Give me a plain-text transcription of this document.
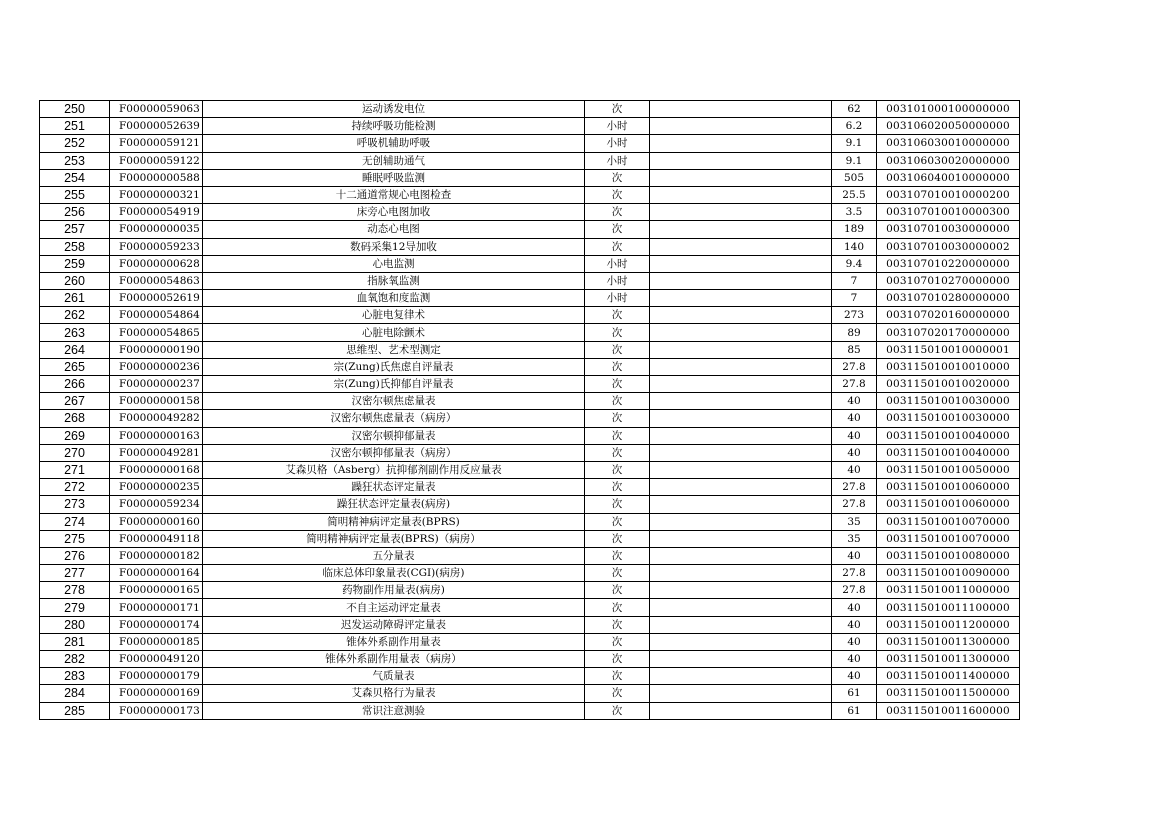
250	F00000059063	运动诱发电位	次		62	003101000100000000
251	F00000052639	持续呼吸功能检测	小时		6.2	003106020050000000
252	F00000059121	呼吸机辅助呼吸	小时		9.1	003106030010000000
253	F00000059122	无创辅助通气	小时		9.1	003106030020000000
254	F00000000588	睡眠呼吸监测	次		505	003106040010000000
255	F00000000321	十二通道常规心电图检查	次		25.5	003107010010000200
256	F00000054919	床旁心电图加收	次		3.5	003107010010000300
257	F00000000035	动态心电图	次		189	003107010030000000
258	F00000059233	数码采集12导加收	次		140	003107010030000002
259	F00000000628	心电监测	小时		9.4	003107010220000000
260	F00000054863	指脉氧监测	小时		7	003107010270000000
261	F00000052619	血氧饱和度监测	小时		7	003107010280000000
262	F00000054864	心脏电复律术	次		273	003107020160000000
263	F00000054865	心脏电除颤术	次		89	003107020170000000
264	F00000000190	思维型、艺术型测定	次		85	003115010010000001
265	F00000000236	宗(Zung)氏焦虑自评量表	次		27.8	003115010010010000
266	F00000000237	宗(Zung)氏抑郁自评量表	次		27.8	003115010010020000
267	F00000000158	汉密尔顿焦虑量表	次		40	003115010010030000
268	F00000049282	汉密尔顿焦虑量表（病房）	次		40	003115010010030000
269	F00000000163	汉密尔顿抑郁量表	次		40	003115010010040000
270	F00000049281	汉密尔顿抑郁量表（病房）	次		40	003115010010040000
271	F00000000168	艾森贝格（Asberg）抗抑郁剂副作用反应量表	次		40	003115010010050000
272	F00000000235	躁狂状态评定量表	次		27.8	003115010010060000
273	F00000059234	躁狂状态评定量表(病房)	次		27.8	003115010010060000
274	F00000000160	简明精神病评定量表(BPRS)	次		35	003115010010070000
275	F00000049118	简明精神病评定量表(BPRS)（病房）	次		35	003115010010070000
276	F00000000182	五分量表	次		40	003115010010080000
277	F00000000164	临床总体印象量表(CGI)(病房)	次		27.8	003115010010090000
278	F00000000165	药物副作用量表(病房)	次		27.8	003115010011000000
279	F00000000171	不自主运动评定量表	次		40	003115010011100000
280	F00000000174	迟发运动障碍评定量表	次		40	003115010011200000
281	F00000000185	锥体外系副作用量表	次		40	003115010011300000
282	F00000049120	锥体外系副作用量表（病房）	次		40	003115010011300000
283	F00000000179	气质量表	次		40	003115010011400000
284	F00000000169	艾森贝格行为量表	次		61	003115010011500000
285	F00000000173	常识注意测验	次		61	003115010011600000
